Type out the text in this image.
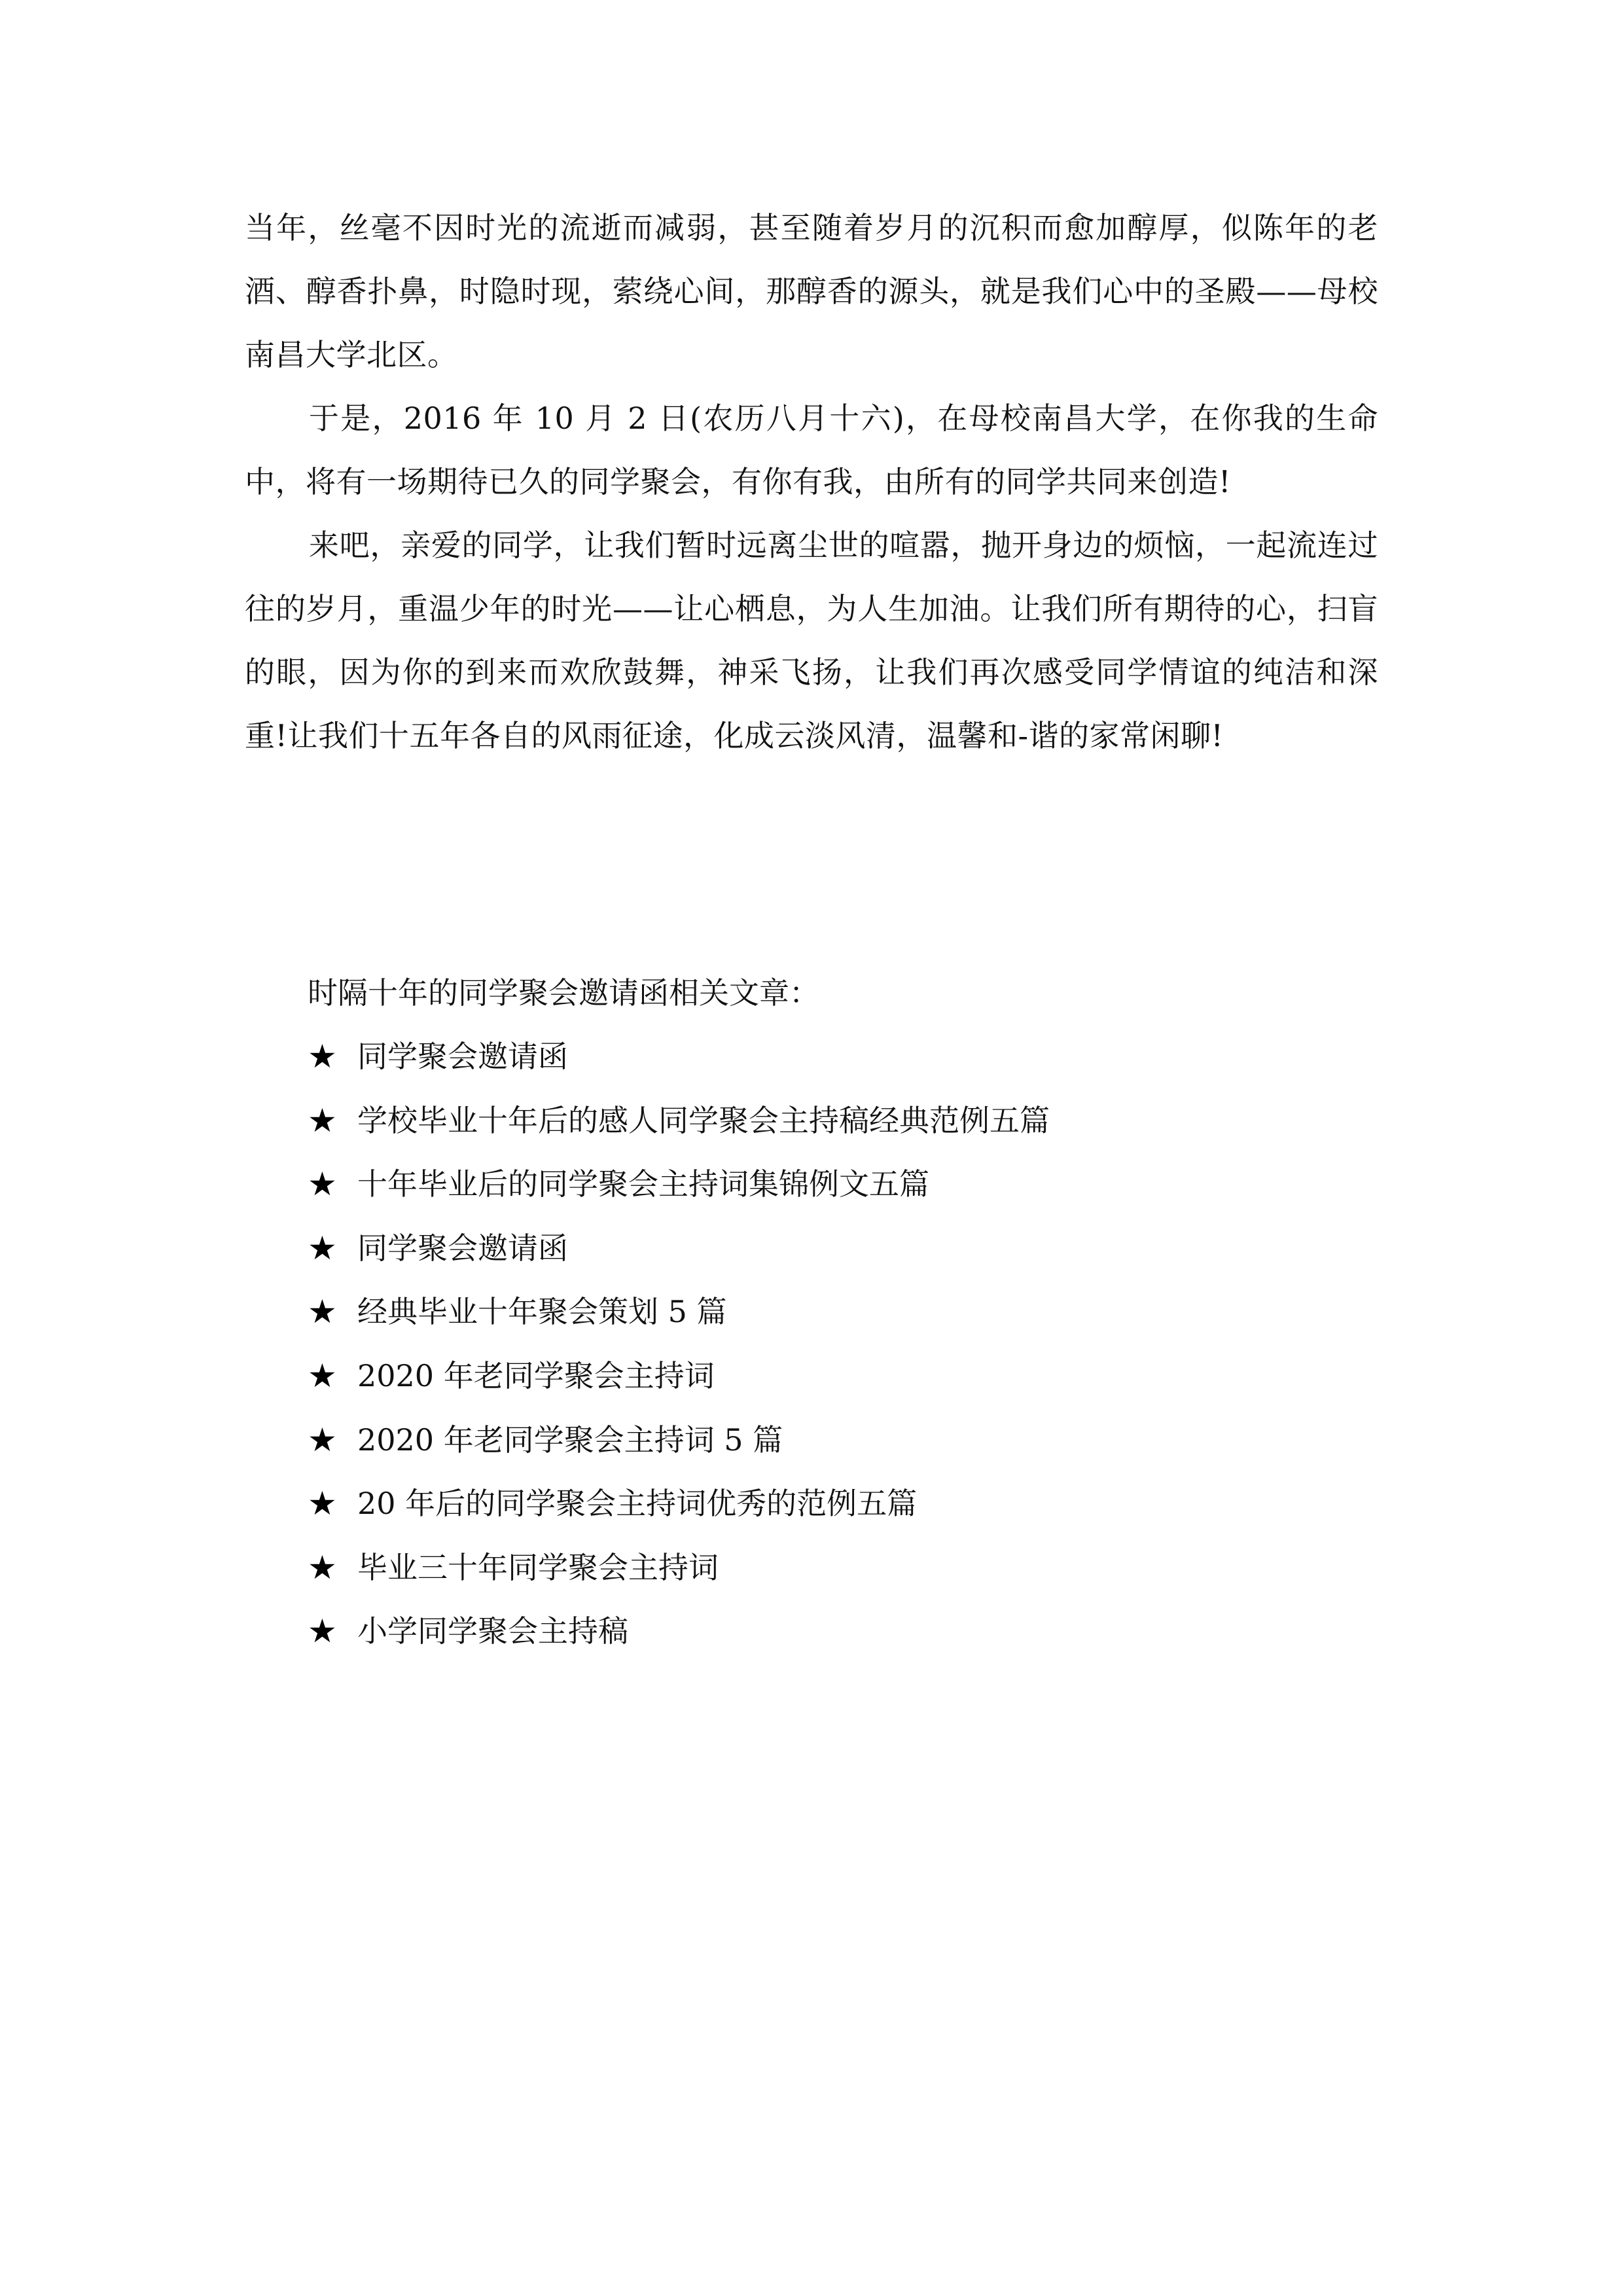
当年，丝毫不因时光的流逝而减弱，甚至随着岁月的沉积而愈加醇厚，似陈年的老酒、醇香扑鼻，时隐时现，萦绕心间，那醇香的源头，就是我们心中的圣殿——母校南昌大学北区。

于是，2016 年 10 月 2 日(农历八月十六)，在母校南昌大学，在你我的生命中，将有一场期待已久的同学聚会，有你有我，由所有的同学共同来创造!

来吧，亲爱的同学，让我们暂时远离尘世的喧嚣，抛开身边的烦恼，一起流连过往的岁月，重温少年的时光——让心栖息，为人生加油。让我们所有期待的心，扫盲的眼，因为你的到来而欢欣鼓舞，神采飞扬，让我们再次感受同学情谊的纯洁和深重!让我们十五年各自的风雨征途，化成云淡风清，温馨和-谐的家常闲聊!

时隔十年的同学聚会邀请函相关文章：
★ 同学聚会邀请函
★ 学校毕业十年后的感人同学聚会主持稿经典范例五篇
★ 十年毕业后的同学聚会主持词集锦例文五篇
★ 同学聚会邀请函
★ 经典毕业十年聚会策划 5 篇
★ 2020 年老同学聚会主持词
★ 2020 年老同学聚会主持词 5 篇
★ 20 年后的同学聚会主持词优秀的范例五篇
★ 毕业三十年同学聚会主持词
★ 小学同学聚会主持稿
